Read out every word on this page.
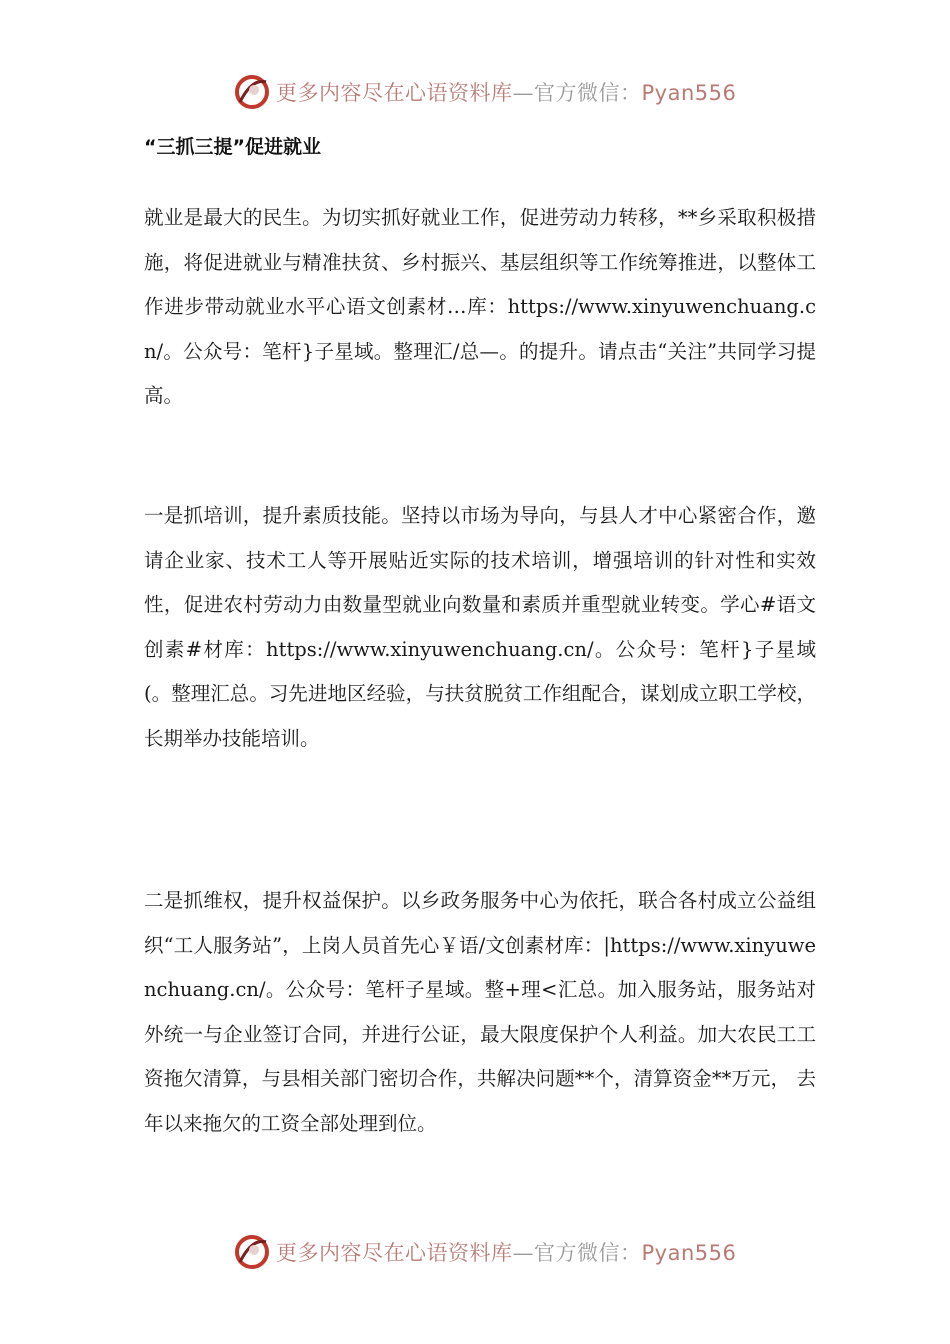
更多内容尽在心语资料库—官方微信：Pyan556
“三抓三提”促进就业
就业是最大的民生。为切实抓好就业工作，促进劳动力转移，**乡采取积极措施，将促进就业与精准扶贫、乡村振兴、基层组织等工作统筹推进，以整体工作进步带动就业水平心语文创素材…库：https://www.xinyuwenchuang.cn/。公众号：笔杆}子星域。整理汇/总—。的提升。请点击“关注”共同学习提高。
一是抓培训，提升素质技能。坚持以市场为导向，与县人才中心紧密合作，邀请企业家、技术工人等开展贴近实际的技术培训，增强培训的针对性和实效性，促进农村劳动力由数量型就业向数量和素质并重型就业转变。学心#语文创素#材库：https://www.xinyuwenchuang.cn/。公众号：笔杆}子星域(。整理汇总。习先进地区经验，与扶贫脱贫工作组配合，谋划成立职工学校， 长期举办技能培训。
二是抓维权，提升权益保护。以乡政务服务中心为依托，联合各村成立公益组织“工人服务站”，上岗人员首先心￥语/文创素材库：|https://www.xinyuwenchuang.cn/。公众号：笔杆子星域。整+理<汇总。加入服务站，服务站对外统一与企业签订合同，并进行公证，最大限度保护个人利益。加大农民工工资拖欠清算，与县相关部门密切合作，共解决问题**个，清算资金**万元， 去年以来拖欠的工资全部处理到位。
更多内容尽在心语资料库—官方微信：Pyan556
